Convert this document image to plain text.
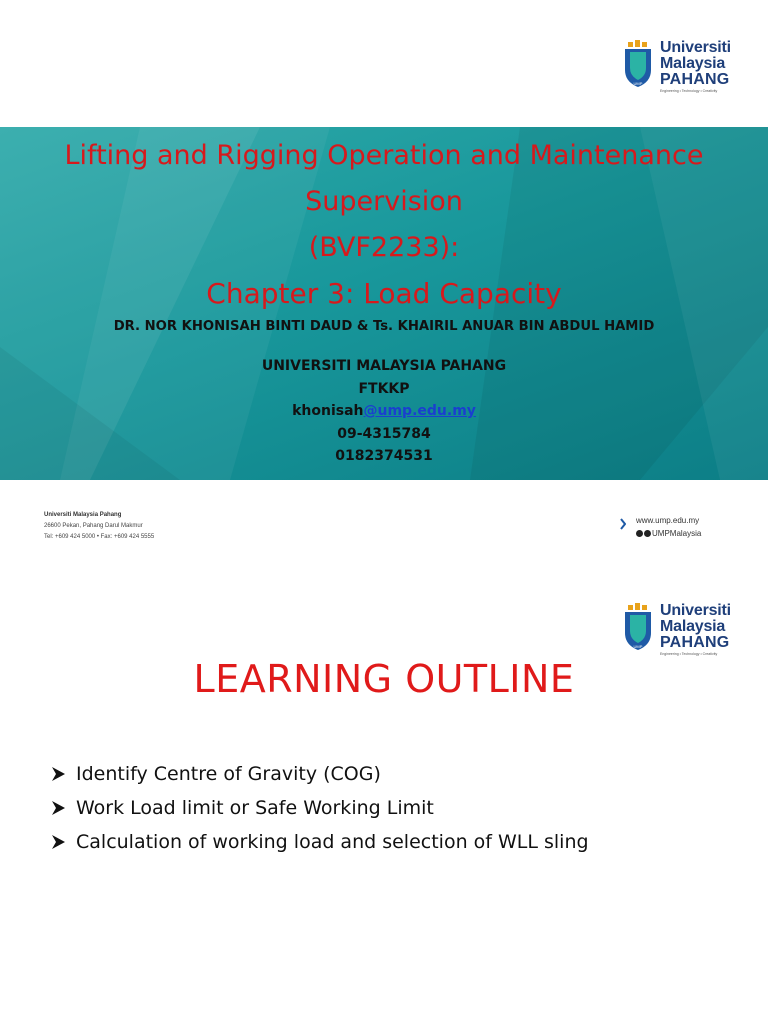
UMP
Universiti
Malaysia
PAHANG
Engineering • Technology • Creativity
Lifting and Rigging Operation and Maintenance
Supervision
(BVF2233):
Chapter 3: Load Capacity
DR. NOR KHONISAH BINTI DAUD & Ts. KHAIRIL ANUAR BIN ABDUL HAMID
UNIVERSITI MALAYSIA PAHANG
FTKKP
khonisah@ump.edu.my
09-4315784
0182374531
Universiti Malaysia Pahang
26600 Pekan, Pahang Darul Makmur
Tel: +609 424 5000 • Fax: +609 424 5555
www.ump.edu.my
UMPMalaysia
UMP
Universiti
Malaysia
PAHANG
Engineering • Technology • Creativity
LEARNING OUTLINE
Identify Centre of Gravity (COG)
Work Load limit or Safe Working Limit
Calculation of working load and selection of WLL sling
